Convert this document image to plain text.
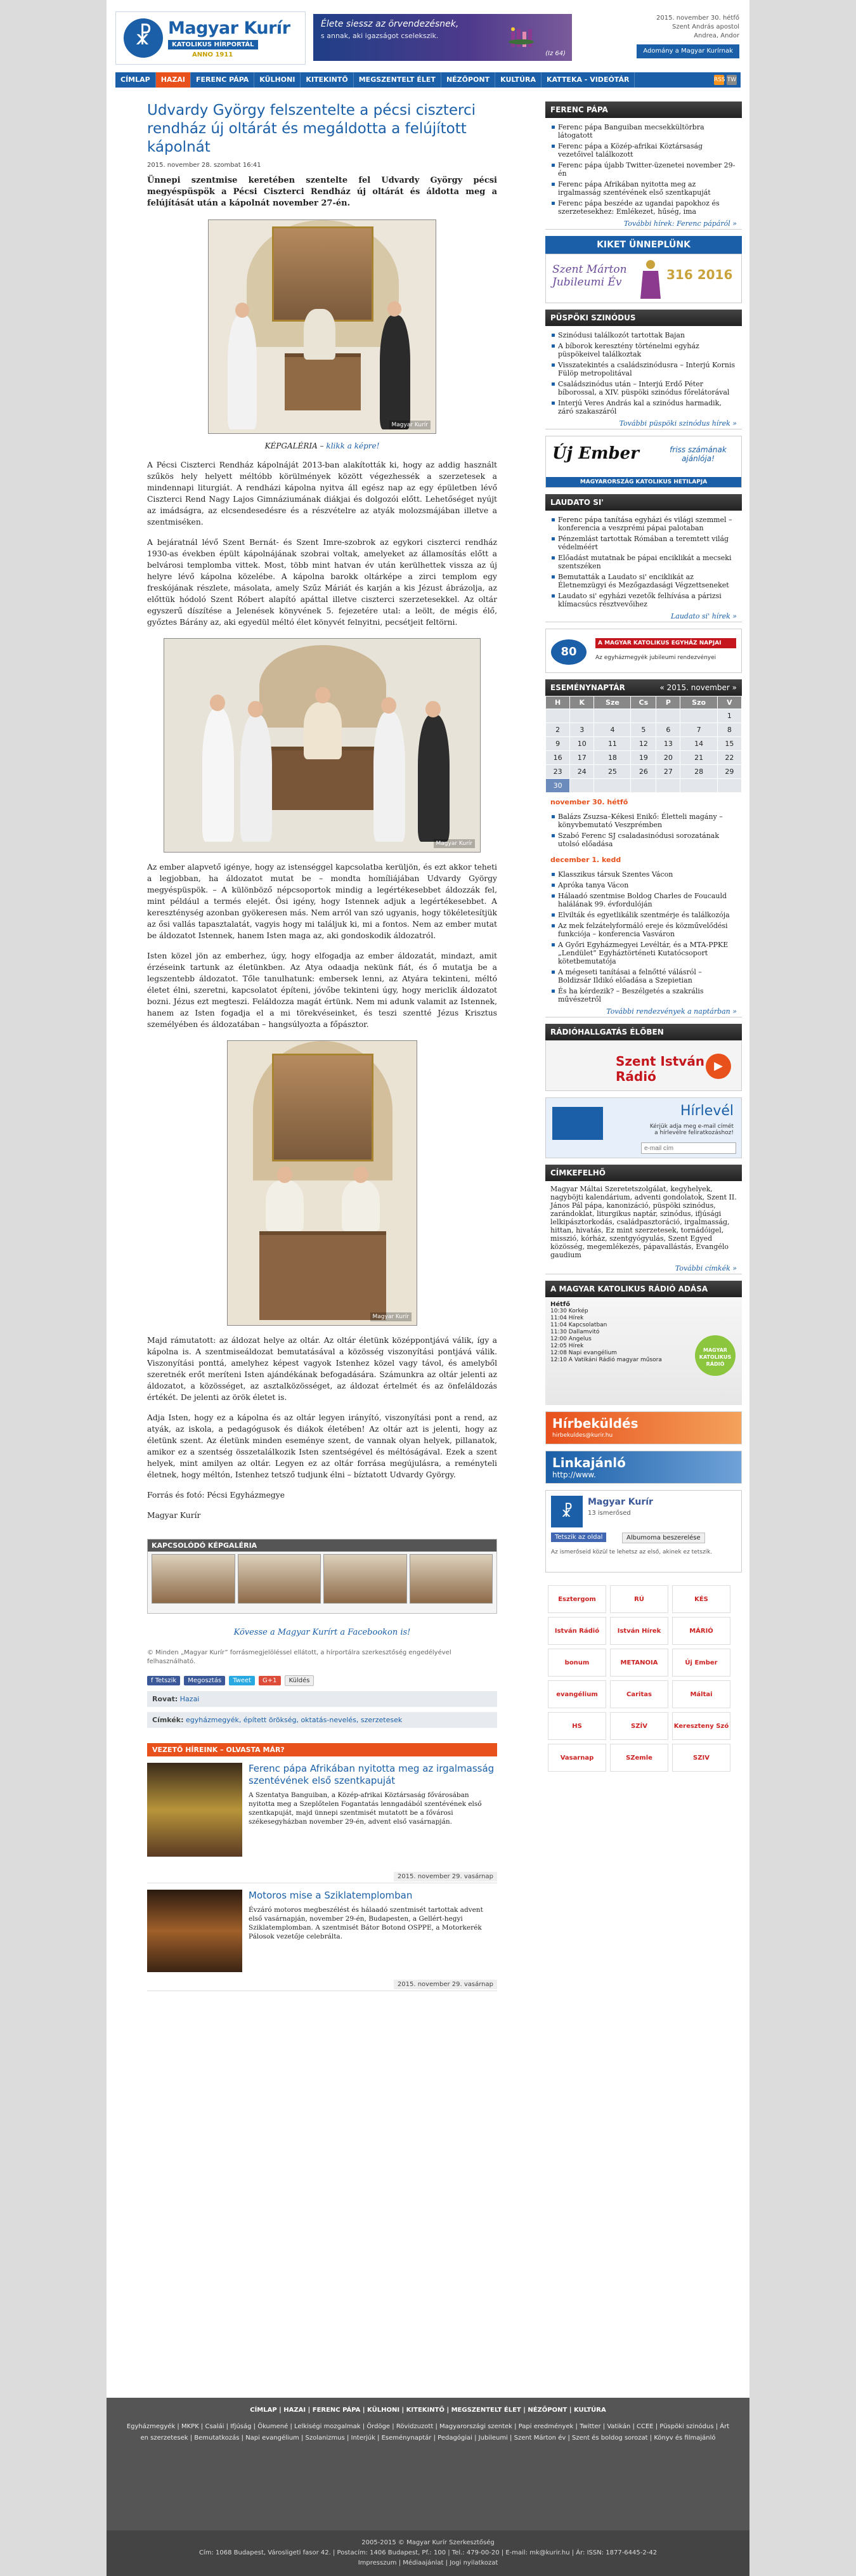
☧ Magyar Kurír
KATOLIKUS HÍRPORTÁL
ANNO 1911
Élete siessz az örvendezésnek,
s annak, aki igazságot cselekszik.
(Iz 64)
2015. november 30. hétfő
Szent András apostol
Andrea, Andor
Adomány a Magyar Kurírnak
CÍMLAP	HAZAI	FERENC PÁPA	KÜLHONI	KITEKINTŐ	MEGSZENTELT ÉLET	NÉZŐPONT	KULTÚRA	KATTEKA - VIDEÓTÁR	RSS TW
Udvardy György felszentelte a pécsi ciszterci rendház új oltárát és megáldotta a felújított kápolnát
2015. november 28. szombat 16:41
Ünnepi szentmise keretében szentelte fel Udvardy György pécsi megyéspüspök a Pécsi Ciszterci Rendház új oltárát és áldotta meg a felújítását után a kápolnát november 27-én.
Magyar Kurír
KÉPGALÉRIA – klikk a képre!

A Pécsi Ciszterci Rendház kápolnáját 2013-ban alakították ki, hogy az addig használt szűkös hely helyett méltóbb körülmények között végezhessék a szerzetesek a mindennapi liturgiát. A rendházi kápolna nyitva áll egész nap az egy épületben lévő Ciszterci Rend Nagy Lajos Gimnáziumának diákjai és dolgozói előtt. Lehetőséget nyújt az imádságra, az elcsendesedésre és a részvételre az atyák molozsmájában illetve a szentmiséken.

A bejáratnál lévő Szent Bernát- és Szent Imre-szobrok az egykori ciszterci rendház 1930-as években épült kápolnájának szobrai voltak, amelyeket az államosítás előtt a belvárosi templomba vittek. Most, több mint hatvan év után kerülhettek vissza az új helyre lévő kápolna közelébe. A kápolna barokk oltárképe a zirci templom egy freskójának részlete, másolata, amely Szűz Máriát és karján a kis Jézust ábrázolja, az előttük hódoló Szent Róbert alapító apáttal illetve ciszterci szerzetesekkel. Az oltár egyszerű díszítése a Jelenések könyvének 5. fejezetére utal: a leölt, de mégis élő, győztes Bárány az, aki egyedül méltó élet könyvét felnyitni, pecsétjeit feltörni.

Magyar Kurír

Az ember alapvető igénye, hogy az istenséggel kapcsolatba kerüljön, és ezt akkor teheti a legjobban, ha áldozatot mutat be – mondta homíliájában Udvardy György megyéspüspök. – A különböző népcsoportok mindig a legértékesebbet áldozzák fel, mint például a termés elejét. Ősi igény, hogy Istennek adjuk a legértékesebbet. A kereszténység azonban gyökeresen más. Nem arról van szó ugyanis, hogy tökéletesítjük az ősi vallás tapasztalatát, vagyis hogy mi találjuk ki, mi a fontos. Nem az ember mutat be áldozatot Istennek, hanem Isten maga az, aki gondoskodik áldozatról.

Isten közel jön az emberhez, úgy, hogy elfogadja az ember áldozatát, mindazt, amit érzéseink tartunk az életünkben. Az Atya odaadja nekünk fiát, és ő mutatja be a legszentebb áldozatot. Tőle tanulhatunk: embersek lenni, az Atyára tekinteni, méltó életet élni, szeretni, kapcsolatot építeni, jóvőbe tekinteni úgy, hogy mericlik áldozatot bozni. Jézus ezt megteszi. Feláldozza magát értünk. Nem mi adunk valamit az Istennek, hanem az Isten fogadja el a mi törekvéseinket, és teszi szentté Jézus Krisztus személyében és áldozatában – hangsúlyozta a főpásztor.

Magyar Kurír

Majd rámutatott: az áldozat helye az oltár. Az oltár életünk középpontjává válik, így a kápolna is. A szentmiseáldozat bemutatásával a közösség viszonyítási pontjává válik. Viszonyítási ponttá, amelyhez képest vagyok Istenhez közel vagy távol, és amelyből szeretnék erőt meríteni Isten ajándékának befogadására. Számunkra az oltár jelenti az áldozatot, a közösséget, az asztalközösséget, az áldozat értelmét és az önfeláldozás értékét. De jelenti az örök életet is.

Adja Isten, hogy ez a kápolna és az oltár legyen irányító, viszonyítási pont a rend, az atyák, az iskola, a pedagógusok és diákok életében! Az oltár azt is jelenti, hogy az életünk szent. Az életünk minden eseménye szent, de vannak olyan helyek, pillanatok, amikor ez a szentség összetalálkozik Isten szentségével és méltóságával. Ezek a szent helyek, mint amilyen az oltár. Legyen ez az oltár forrása megújulásra, a reményteli életnek, hogy méltón, Istenhez tetsző tudjunk élni – bíztatott Udvardy György.

Forrás és fotó: Pécsi Egyházmegye

Magyar Kurír

KAPCSOLÓDÓ KÉPGALÉRIA
Kövesse a Magyar Kurírt a Facebookon is!
© Minden „Magyar Kurír” forrásmegjelöléssel ellátott, a hírportálra szerkesztőség engedélyével felhasználható.
f Tetszik	Megosztás	Tweet	G+1	Küldés
Rovat: Hazai
Címkék: egyházmegyék, épített örökség, oktatás-nevelés, szerzetesek
VEZETŐ HÍREINK – OLVASTA MÁR?
Ferenc pápa Afrikában nyitotta meg az irgalmasság szentévének első szentkapuját
A Szentatya Banguiban, a Közép-afrikai Köztársaság fővárosában nyitotta meg a Szeplőtelen Fogantatás lenngadából szentévének első szentkapuját, majd ünnepi szentmisét mutatott be a fővárosi székesegyházban november 29-én, advent első vasárnapján.
2015. november 29. vasárnap
Motoros mise a Sziklatemplomban
Évzáró motoros megbeszélést és hálaadó szentmisét tartottak advent első vasárnapján, november 29-én, Budapesten, a Gellért-hegyi Sziklatemplomban. A szentmisét Bátor Botond OSPPE, a Motorkerék Pálosok vezetője celebrálta.
2015. november 29. vasárnap
FERENC PÁPA
Ferenc pápa Banguiban mecsekkültörbra látogatott
Ferenc pápa a Közép-afrikai Köztársaság vezetőivel találkozott
Ferenc pápa újabb Twitter-üzenetei november 29-én
Ferenc pápa Afrikában nyitotta meg az irgalmasság szentévének első szentkapuját
Ferenc pápa beszéde az ugandai papokhoz és szerzetesekhez: Emlékezet, hűség, ima
További hírek: Ferenc pápáról »
KIKET ÜNNEPLÜNK
Szent Márton Jubileumi Év	316 2016
PÜSPÖKI SZINÓDUS
Szinódusi találkozót tartottak Bajan
A bíborok keresztény történelmi egyház püspökeivel találkoztak
Visszatekintés a családszinódusra – Interjú Kornis Fülöp metropolitával
Családszinódus után – Interjú Erdő Péter bíborossal, a XIV. püspöki szinódus főrelátorával
Interjú Veres András kal a szinódus harmadik, záró szakaszáról
További püspöki szinódus hírek »
Új Ember	friss számának ajánlója!
MAGYARORSZÁG KATOLIKUS HETILAPJA
LAUDATO SI'
Ferenc pápa tanítása egyházi és világi szemmel – konferencia a veszprémi pápai palotaban
Pénzemlást tartottak Rómában a teremtett világ védelméért
Előadást mutatnak be pápai enciklikát a mecseki szentszéken
Bemutatták a Laudato si' enciklikát az Életnemzügyi és Mezőgazdasági Végzettseneket
Laudato si' egyházi vezetők felhívása a párizsi klímacsúcs résztvevőihez
Laudato si' hírek »
80
A MAGYAR KATOLIKUS EGYHÁZ NAPJAI
Az egyházmegyék jubileumi rendezvényei
ESEMÉNYNAPTÁR	« 2015. november »
H	K	Sze	Cs	P	Szo	V
						1
2	3	4	5	6	7	8
9	10	11	12	13	14	15
16	17	18	19	20	21	22
23	24	25	26	27	28	29
30						
november 30. hétfő
Balázs Zsuzsa–Kékesi Enikő: Életteli magány – könyvbemutató Veszprémben
Szabó Ferenc SJ csaladasinódusi sorozatának utolsó előadása
december 1. kedd
Klasszikus társuk Szentes Vácon
Apróka tanya Vácon
Hálaadó szentmise Boldog Charles de Foucauld halálának 99. évfordulóján
Elvilták és egyetlikálik szentmérje és találkozója
Az mek felzátelyformáló ereje és közművelődési funkciója – konferencia Vasváron
A Győri Egyházmegyei Levéltár, és a MTA-PPKE „Lendület” Egyháztörténeti Kutatócsoport kötetbemutatója
A mégeseti tanításai a felnőtté válásról – Boldizsár Ildikó előadása a Szepietian
És ha kérdezik? – Beszélgetés a szakrális művészetről
További rendezvények a naptárban »
RÁDIÓHALLGATÁS ÉLŐBEN
Szent István Rádió
▶
Hírlevél
Kérjük adja meg e-mail címét a hírlevélre feliratkozáshoz!
e-mail cím
CÍMKEFELHŐ
Magyar Máltai Szeretetszolgálat, kegyhelyek, nagyböjti kalendárium, adventi gondolatok, Szent II. János Pál pápa, kanonizáció, püspöki szinódus, zarándoklat, liturgikus naptár, szinódus, ifjúsági lelkipásztorkodás, családpasztoráció, irgalmasság, hittan, hivatás, Ez mint szerzetesek, tornádóigel, misszió, kórház, szentgyógyulás, Szent Egyed közösség, megemlékezés, pápavallástás, Evangélo gaudium
További címkék »
A MAGYAR KATOLIKUS RÁDIÓ ADÁSA
Hétfő
10:30 Korkép
11:04 Hírek
11:04 Kapcsolatban
11:30 Dallamvitó
12:00 Angelus
12:05 Hírek
12:08 Napi evangélium
12:10 A Vatikáni Rádió magyar műsora
MAGYAR KATOLIKUS RÁDIÓ
Hírbeküldés
hirbekuldes@kurir.hu
Linkajánló
http://www.
☧
Magyar Kurír
13 ismerősed
Tetszik az oldal	Albumoma beszerelése
Az ismerőseid közül te lehetsz az első, akinek ez tetszik.
Esztergom	RÚ	KÉS
István Rádió	István Hírek	MÁRIÓ
bonum	METANOIA	Új Ember
evangélium	Caritas	Máltai
HS	SZÍV	Kereszteny Szó
Vasarnap	SZemle	SZIV
CÍMLAP | HAZAI | FERENC PÁPA | KÜLHONI | KITEKINTŐ | MEGSZENTELT ÉLET | NÉZŐPONT | KULTÚRA
Egyházmegyék | MKPK | Csalái | Ifjúság | Ökumené | Lelkiségi mozgalmak | Ördöge | Rövidzuzott | Magyarországi szentek | Papi eredmények | Twitter | Vatikán | CCEE | Püspöki szinódus | Árt en szerzetesek | Bemutatkozás | Napi evangélium | Szolanizmus | Interjúk | Eseménynaptár | Pedagógiai | Jubileumi | Szent Márton év | Szent és boldog sorozat | Könyv és filmajánló
2005-2015 © Magyar Kurír Szerkesztőség
Cím: 1068 Budapest, Városligeti fasor 42. | Postacím: 1406 Budapest, Pf.: 100 | Tel.: 479-00-20 | E-mail: mk@kurir.hu | Ár: ISSN: 1877-6445-2-42
Impresszum | Médiaajánlat | Jogi nyilatkozat
